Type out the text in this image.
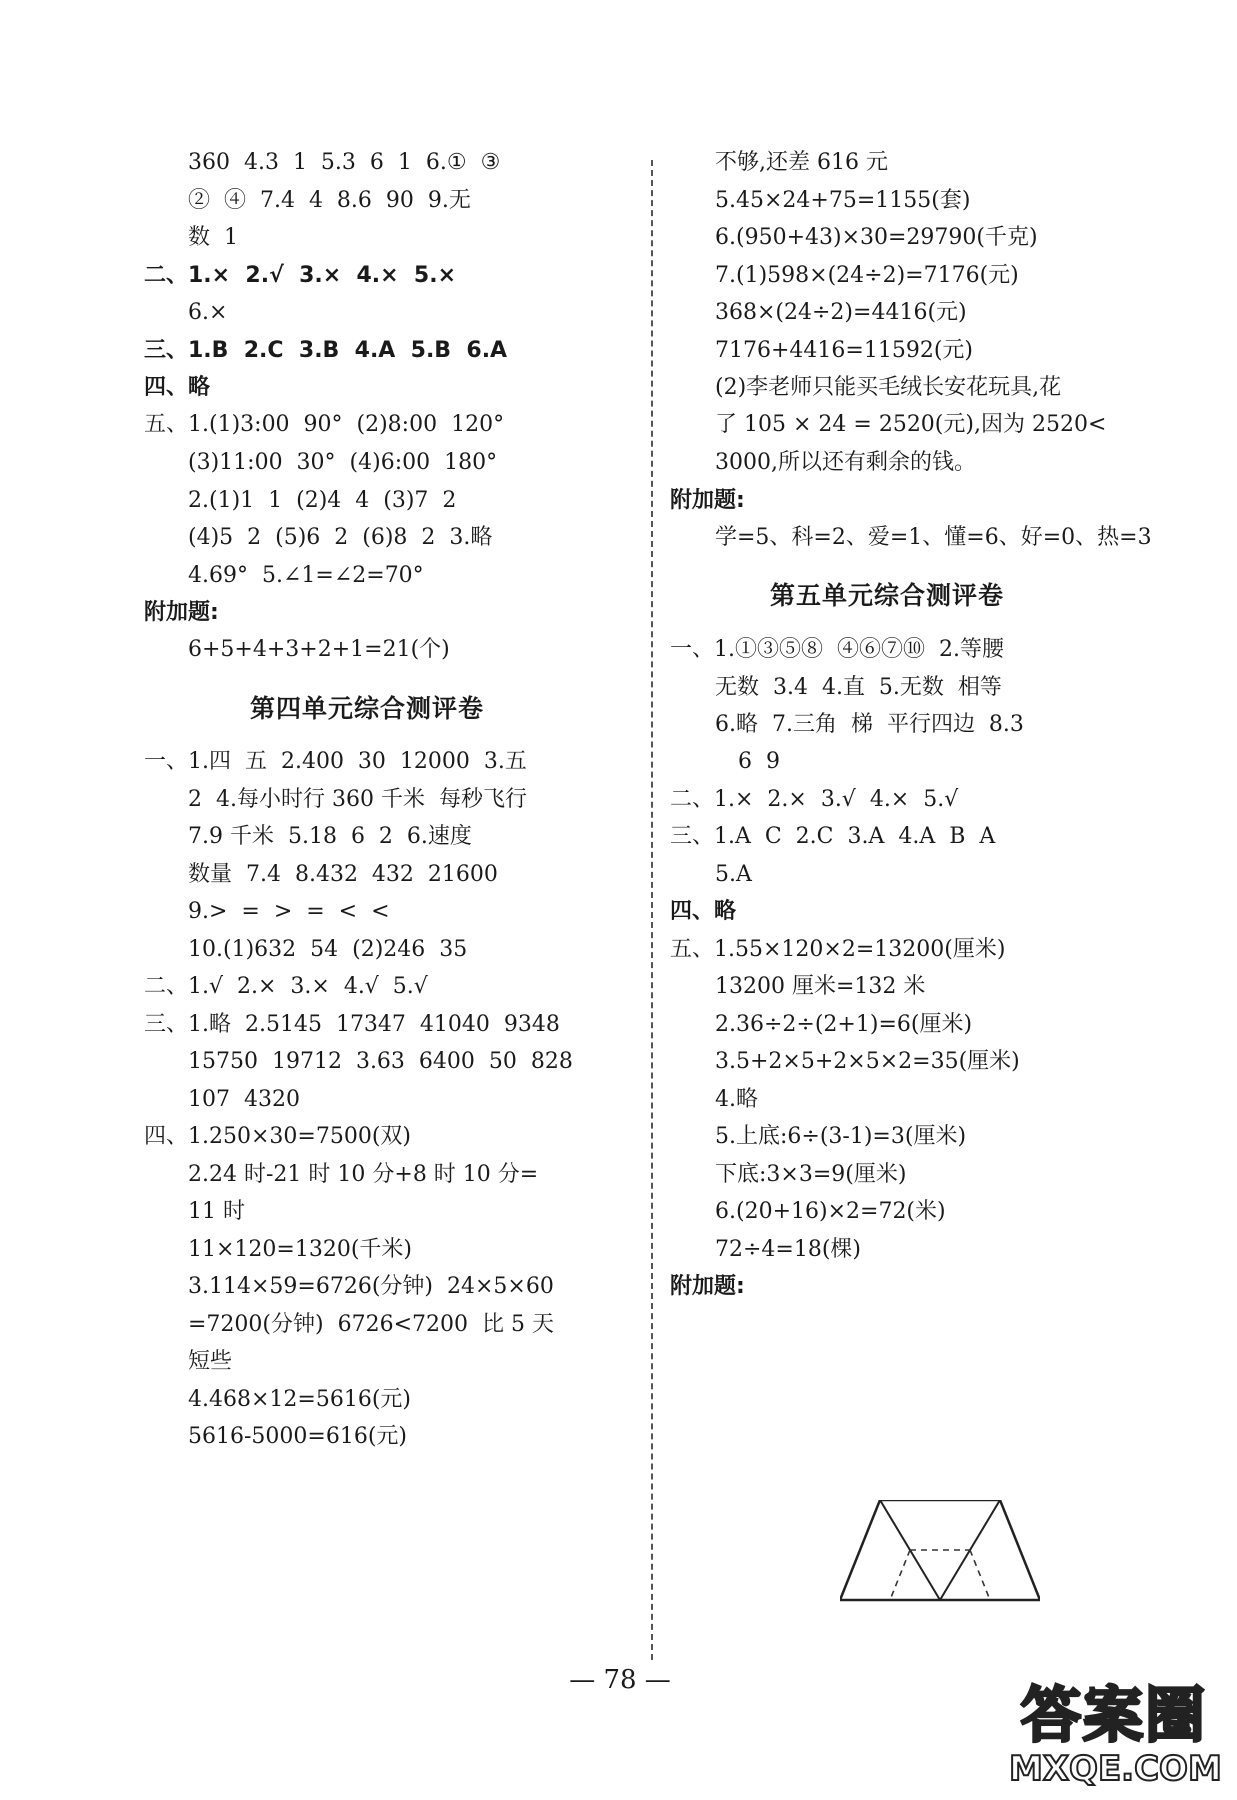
360  4.3  1  5.3  6  1  6.①  ③
②  ④  7.4  4  8.6  90  9.无
数  1
二、1.×  2.√  3.×  4.×  5.×
6.×
三、1.B  2.C  3.B  4.A  5.B  6.A
四、略
五、1.(1)3:00  90°  (2)8:00  120°
(3)11:00  30°  (4)6:00  180°
2.(1)1  1  (2)4  4  (3)7  2
(4)5  2  (5)6  2  (6)8  2  3.略
4.69°  5.∠1=∠2=70°
附加题:
6+5+4+3+2+1=21(个)
第四单元综合测评卷
一、1.四  五  2.400  30  12000  3.五
2  4.每小时行 360 千米  每秒飞行
7.9 千米  5.18  6  2  6.速度
数量  7.4  8.432  432  21600
9.>  =  >  =  <  <
10.(1)632  54  (2)246  35
二、1.√  2.×  3.×  4.√  5.√
三、1.略  2.5145  17347  41040  9348
15750  19712  3.63  6400  50  828
107  4320
四、1.250×30=7500(双)
2.24 时-21 时 10 分+8 时 10 分=
11 时
11×120=1320(千米)
3.114×59=6726(分钟)  24×5×60
=7200(分钟)  6726<7200  比 5 天
短些
4.468×12=5616(元)
5616-5000=616(元)
不够,还差 616 元
5.45×24+75=1155(套)
6.(950+43)×30=29790(千克)
7.(1)598×(24÷2)=7176(元)
368×(24÷2)=4416(元)
7176+4416=11592(元)
(2)李老师只能买毛绒长安花玩具,花
了 105 × 24 = 2520(元),因为 2520<
3000,所以还有剩余的钱。
附加题:
学=5、科=2、爱=1、懂=6、好=0、热=3
第五单元综合测评卷
一、1.①③⑤⑧  ④⑥⑦⑩  2.等腰
无数  3.4  4.直  5.无数  相等
6.略  7.三角  梯  平行四边  8.3
6  9
二、1.×  2.×  3.√  4.×  5.√
三、1.A  C  2.C  3.A  4.A  B  A
5.A
四、略
五、1.55×120×2=13200(厘米)
13200 厘米=132 米
2.36÷2÷(2+1)=6(厘米)
3.5+2×5+2×5×2=35(厘米)
4.略
5.上底:6÷(3-1)=3(厘米)
下底:3×3=9(厘米)
6.(20+16)×2=72(米)
72÷4=18(棵)
附加题:
— 78 —
答案圈
MXQE.COM
